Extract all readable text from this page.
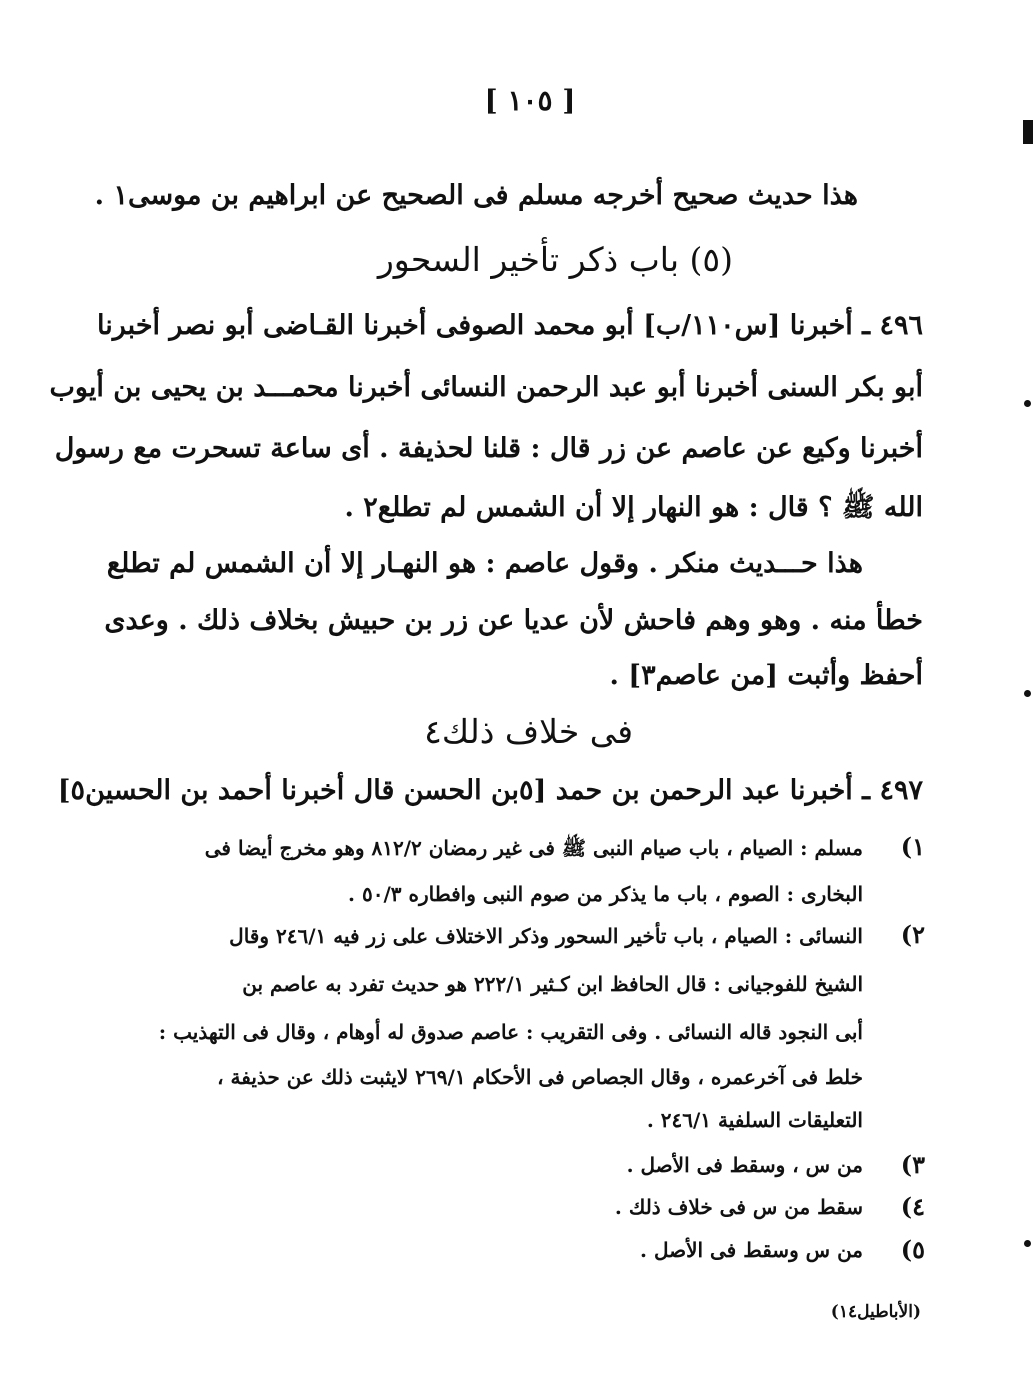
[ ١٠٥ ]
هذا حديث صحيح أخرجه مسلم فى الصحيح عن ابراهيم بن موسى١ .
(٥) باب ذكر تأخير السحور
٤٩٦ ـ أخبرنا [س١١٠/ب] أبو محمد الصوفى أخبرنا القـاضى أبو نصر أخبرنا
أبو بكر السنى أخبرنا أبو عبد الرحمن النسائى أخبرنا محمـــد بن يحيى بن أيوب
أخبرنا وكيع عن عاصم عن زر قال : قلنا لحذيفة . أى ساعة تسحرت مع رسول
الله ﷺ ؟ قال : هو النهار إلا أن الشمس لم تطلع٢ .
هذا حـــديث منكر . وقول عاصم : هو النهـار إلا أن الشمس لم تطلع
خطأ منه . وهو وهم فاحش لأن عديا عن زر بن حبيش بخلاف ذلك . وعدى
أحفظ وأثبت [من عاصم٣] .
فى خلاف ذلك٤
٤٩٧ ـ أخبرنا عبد الرحمن بن حمد [٥بن الحسن قال أخبرنا أحمد بن الحسين٥]
١)
مسلم : الصيام ، باب صيام النبى ﷺ فى غير رمضان ٨١٢/٢ وهو مخرج أيضا فى
البخارى : الصوم ، باب ما يذكر من صوم النبى وافطاره ٥٠/٣ .
٢)
النسائى : الصيام ، باب تأخير السحور وذكر الاختلاف على زر فيه ٢٤٦/١ وقال
الشيخ للفوجيانى : قال الحافظ ابن كـثير ٢٢٢/١ هو حديث تفرد به عاصم بن
أبى النجود قاله النسائى . وفى التقريب : عاصم صدوق له أوهام ، وقال فى التهذيب :
خلط فى آخرعمره ، وقال الجصاص فى الأحكام ٢٦٩/١ لايثبت ذلك عن حذيفة ،
التعليقات السلفية ٢٤٦/١ .
٣)
من س ، وسقط فى الأصل .
٤)
سقط من س فى خلاف ذلك .
٥)
من س وسقط فى الأصل .
(الأباطيل١٤)
